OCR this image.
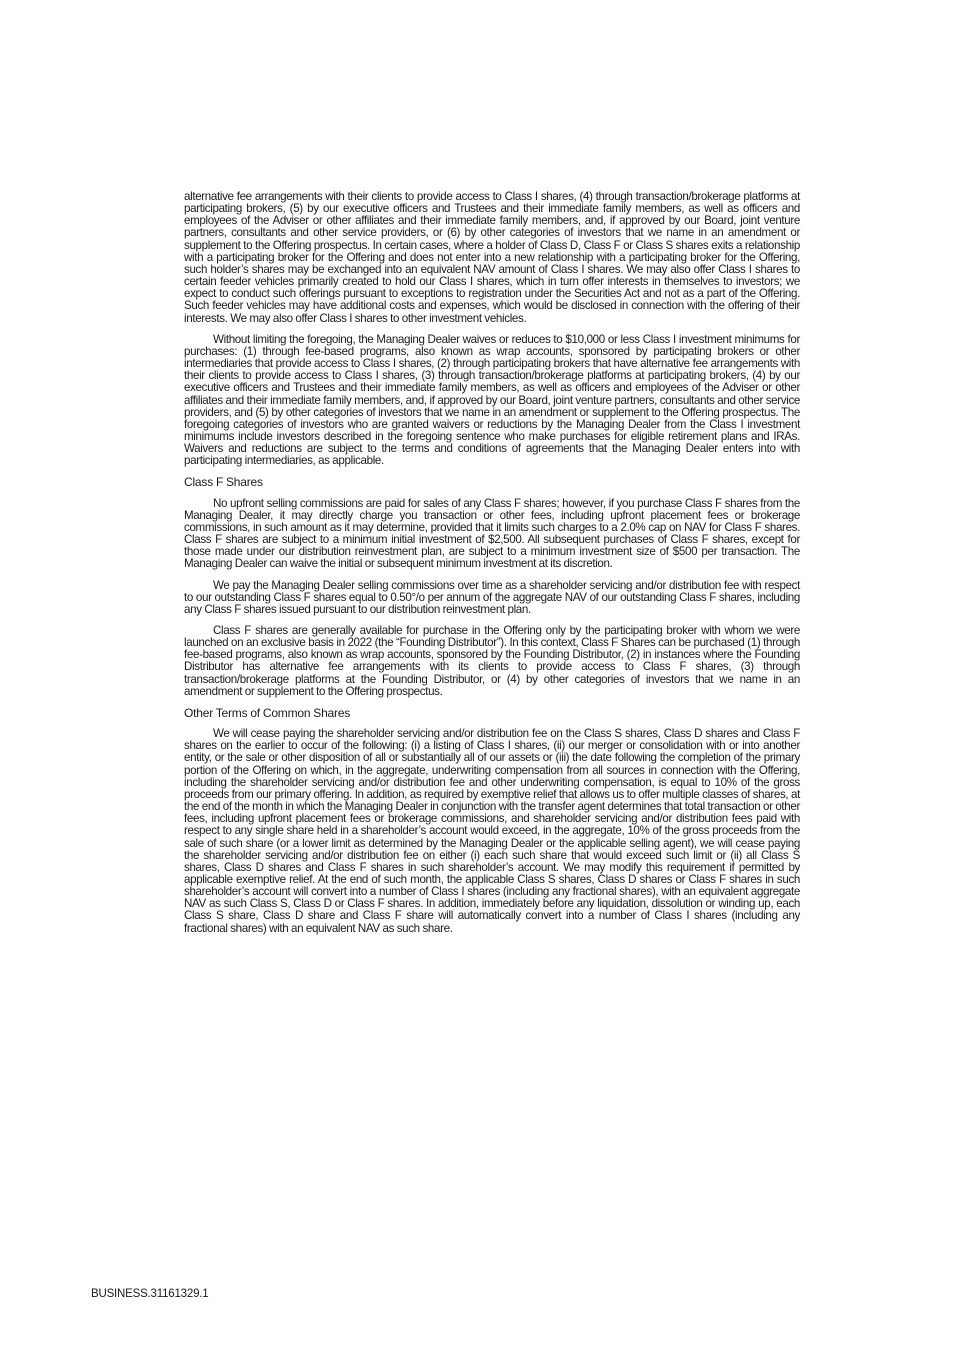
alternative fee arrangements with their clients to provide access to Class I shares, (4) through transaction/brokerage platforms at participating brokers, (5) by our executive officers and Trustees and their immediate family members, as well as officers and employees of the Adviser or other affiliates and their immediate family members, and, if approved by our Board, joint venture partners, consultants and other service providers, or (6) by other categories of investors that we name in an amendment or supplement to the Offering prospectus. In certain cases, where a holder of Class D, Class F or Class S shares exits a relationship with a participating broker for the Offering and does not enter into a new relationship with a participating broker for the Offering, such holder’s shares may be exchanged into an equivalent NAV amount of Class I shares. We may also offer Class I shares to certain feeder vehicles primarily created to hold our Class I shares, which in turn offer interests in themselves to investors; we expect to conduct such offerings pursuant to exceptions to registration under the Securities Act and not as a part of the Offering. Such feeder vehicles may have additional costs and expenses, which would be disclosed in connection with the offering of their interests. We may also offer Class I shares to other investment vehicles.

Without limiting the foregoing, the Managing Dealer waives or reduces to $10,000 or less Class I investment minimums for purchases: (1) through fee-based programs, also known as wrap accounts, sponsored by participating brokers or other intermediaries that provide access to Class I shares, (2) through participating brokers that have alternative fee arrangements with their clients to provide access to Class I shares, (3) through transaction/brokerage platforms at participating brokers, (4) by our executive officers and Trustees and their immediate family members, as well as officers and employees of the Adviser or other affiliates and their immediate family members, and, if approved by our Board, joint venture partners, consultants and other service providers, and (5) by other categories of investors that we name in an amendment or supplement to the Offering prospectus. The foregoing categories of investors who are granted waivers or reductions by the Managing Dealer from the Class I investment minimums include investors described in the foregoing sentence who make purchases for eligible retirement plans and IRAs. Waivers and reductions are subject to the terms and conditions of agreements that the Managing Dealer enters into with participating intermediaries, as applicable.

Class F Shares

No upfront selling commissions are paid for sales of any Class F shares; however, if you purchase Class F shares from the Managing Dealer, it may directly charge you transaction or other fees, including upfront placement fees or brokerage commissions, in such amount as it may determine, provided that it limits such charges to a 2.0% cap on NAV for Class F shares. Class F shares are subject to a minimum initial investment of $2,500. All subsequent purchases of Class F shares, except for those made under our distribution reinvestment plan, are subject to a minimum investment size of $500 per transaction. The Managing Dealer can waive the initial or subsequent minimum investment at its discretion.

We pay the Managing Dealer selling commissions over time as a shareholder servicing and/or distribution fee with respect to our outstanding Class F shares equal to 0.50°/o per annum of the aggregate NAV of our outstanding Class F shares, including any Class F shares issued pursuant to our distribution reinvestment plan.

Class F shares are generally available for purchase in the Offering only by the participating broker with whom we were launched on an exclusive basis in 2022 (the “Founding Distributor”). In this context, Class F Shares can be purchased (1) through fee-based programs, also known as wrap accounts, sponsored by the Founding Distributor, (2) in instances where the Founding Distributor has alternative fee arrangements with its clients to provide access to Class F shares, (3) through transaction/brokerage platforms at the Founding Distributor, or (4) by other categories of investors that we name in an amendment or supplement to the Offering prospectus.

Other Terms of Common Shares

We will cease paying the shareholder servicing and/or distribution fee on the Class S shares, Class D shares and Class F shares on the earlier to occur of the following: (i) a listing of Class I shares, (ii) our merger or consolidation with or into another entity, or the sale or other disposition of all or substantially all of our assets or (iii) the date following the completion of the primary portion of the Offering on which, in the aggregate, underwriting compensation from all sources in connection with the Offering, including the shareholder servicing and/or distribution fee and other underwriting compensation, is equal to 10% of the gross proceeds from our primary offering. In addition, as required by exemptive relief that allows us to offer multiple classes of shares, at the end of the month in which the Managing Dealer in conjunction with the transfer agent determines that total transaction or other fees, including upfront placement fees or brokerage commissions, and shareholder servicing and/or distribution fees paid with respect to any single share held in a shareholder’s account would exceed, in the aggregate, 10% of the gross proceeds from the sale of such share (or a lower limit as determined by the Managing Dealer or the applicable selling agent), we will cease paying the shareholder servicing and/or distribution fee on either (i) each such share that would exceed such limit or (ii) all Class S shares, Class D shares and Class F shares in such shareholder’s account. We may modify this requirement if permitted by applicable exemptive relief. At the end of such month, the applicable Class S shares, Class D shares or Class F shares in such shareholder’s account will convert into a number of Class I shares (including any fractional shares), with an equivalent aggregate NAV as such Class S, Class D or Class F shares. In addition, immediately before any liquidation, dissolution or winding up, each Class S share, Class D share and Class F share will automatically convert into a number of Class I shares (including any fractional shares) with an equivalent NAV as such share.

BUSINESS.31161329.1
